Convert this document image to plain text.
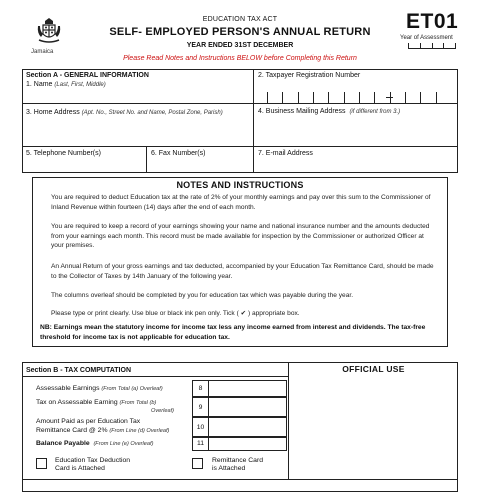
Jamaica
EDUCATION TAX ACT
SELF- EMPLOYED PERSON'S ANNUAL RETURN
YEAR ENDED 31ST DECEMBER
Please Read Notes and Instructions BELOW before Completing this Return
ET01
Year of Assessment
Section A - GENERAL INFORMATION
1. Name (Last, First, Middle)
2. Taxpayer Registration Number
3. Home Address (Apt. No., Street No. and Name, Postal Zone, Parish)	4. Business Mailing Address (if different from 3.)
5. Telephone Number(s)	6. Fax Number(s)	7. E-mail Address
NOTES AND INSTRUCTIONS
You are required to deduct Education tax at the rate of 2% of your monthly earnings and pay over this sum to the Commissioner of Inland Revenue within fourteen (14) days after the end of each month.
You are required to keep a record of your earnings showing your name and national insurance number and the amounts deducted from your earnings each month. This record must be made available for inspection by the Commissioner or authorized Officer at your premises.
An Annual Return of your gross earnings and tax deducted, accompanied by your Education Tax Remittance Card, should be made to the Collector of Taxes by 14th January of the following year.
The columns overleaf should be completed by you for education tax which was payable during the year.
Please type or print clearly. Use blue or black ink pen only. Tick ( ✔ ) appropriate box.
NB: Earnings mean the statutory income for income tax less any income earned from interest and dividends. The tax-free threshold for income tax is not applicable for education tax.
Section B - TAX COMPUTATION	OFFICIAL USE
Assessable Earnings (From Total (a) Overleaf)	8
Tax on Assessable Earning (From Total (b)
Overleaf)	9
Amount Paid as per Education Tax
Remittance Card @ 2% (From Line (d) Overleaf)	10
Balance Payable (From Line (e) Overleaf)	11
Education Tax Deduction
Card is Attached
Remittance Card
is Attached
